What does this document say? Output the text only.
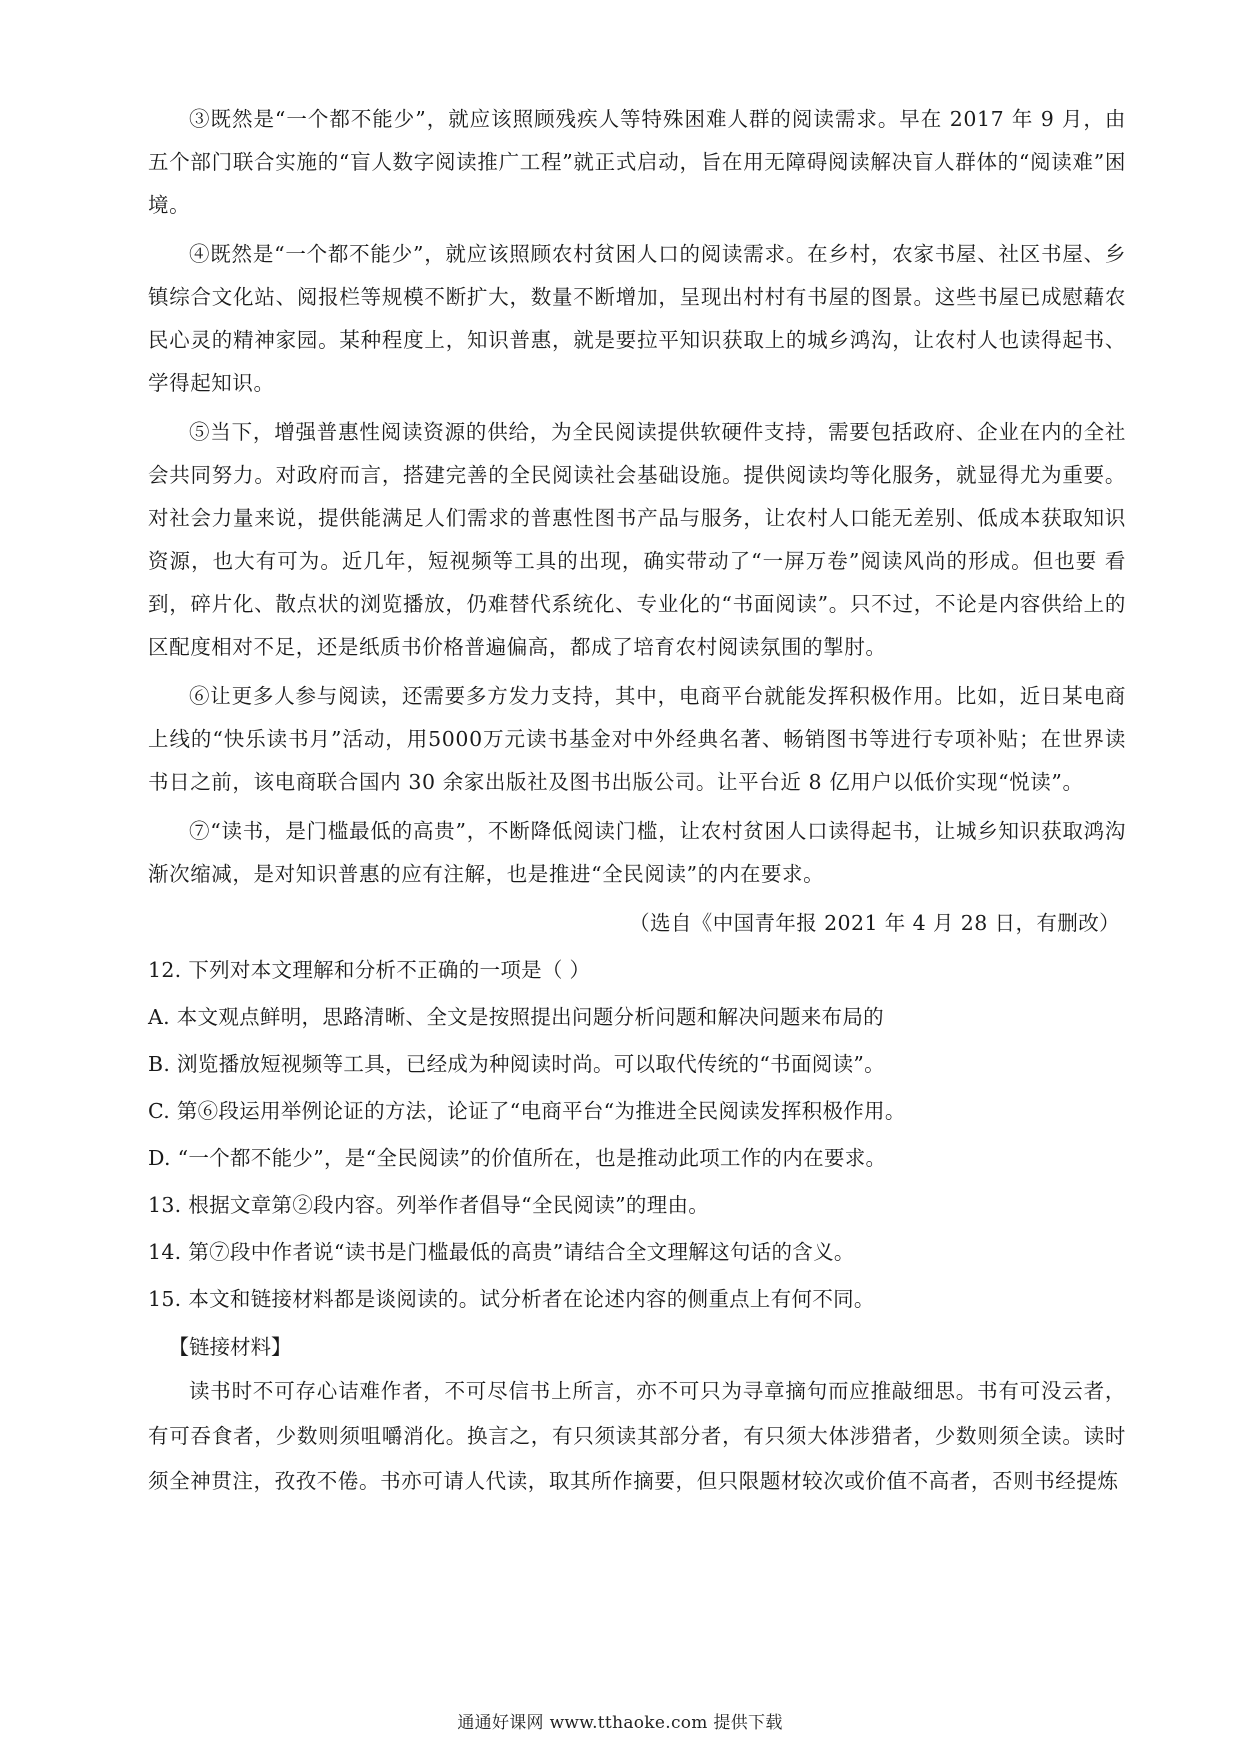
③既然是“一个都不能少”，就应该照顾残疾人等特殊困难人群的阅读需求。早在 2017 年 9 月，由五个部门联合实施的“盲人数字阅读推广工程”就正式启动，旨在用无障碍阅读解决盲人群体的“阅读难”困境。

④既然是“一个都不能少”，就应该照顾农村贫困人口的阅读需求。在乡村，农家书屋、社区书屋、乡镇综合文化站、阅报栏等规模不断扩大，数量不断增加，呈现出村村有书屋的图景。这些书屋已成慰藉农民心灵的精神家园。某种程度上，知识普惠，就是要拉平知识获取上的城乡鸿沟，让农村人也读得起书、学得起知识。

⑤当下，增强普惠性阅读资源的供给，为全民阅读提供软硬件支持，需要包括政府、企业在内的全社会共同努力。对政府而言，搭建完善的全民阅读社会基础设施。提供阅读均等化服务，就显得尤为重要。对社会力量来说，提供能满足人们需求的普惠性图书产品与服务，让农村人口能无差别、低成本获取知识资源，也大有可为。近几年，短视频等工具的出现，确实带动了“一屏万卷”阅读风尚的形成。但也要 看到，碎片化、散点状的浏览播放，仍难替代系统化、专业化的“书面阅读”。只不过，不论是内容供给上的区配度相对不足，还是纸质书价格普遍偏高，都成了培育农村阅读氛围的掣肘。

⑥让更多人参与阅读，还需要多方发力支持，其中，电商平台就能发挥积极作用。比如，近日某电商上线的“快乐读书月”活动，用5000万元读书基金对中外经典名著、畅销图书等进行专项补贴；在世界读书日之前，该电商联合国内 30 余家出版社及图书出版公司。让平台近 8 亿用户以低价实现“悦读”。

⑦“读书，是门槛最低的高贵”，不断降低阅读门槛，让农村贫困人口读得起书，让城乡知识获取鸿沟渐次缩减，是对知识普惠的应有注解，也是推进“全民阅读”的内在要求。

（选自《中国青年报 2021 年 4 月 28 日，有删改）

12. 下列对本文理解和分析不正确的一项是（ ）

A. 本文观点鲜明，思路清晰、全文是按照提出问题分析问题和解决问题来布局的

B. 浏览播放短视频等工具，已经成为种阅读时尚。可以取代传统的“书面阅读”。

C. 第⑥段运用举例论证的方法，论证了“电商平台“为推进全民阅读发挥积极作用。

D. “一个都不能少”，是“全民阅读”的价值所在，也是推动此项工作的内在要求。

13. 根据文章第②段内容。列举作者倡导“全民阅读”的理由。

14. 第⑦段中作者说“读书是门槛最低的高贵”请结合全文理解这句话的含义。

15. 本文和链接材料都是谈阅读的。试分析者在论述内容的侧重点上有何不同。

【链接材料】

读书时不可存心诘难作者，不可尽信书上所言，亦不可只为寻章摘句而应推敲细思。书有可没云者，有可吞食者，少数则须咀嚼消化。换言之，有只须读其部分者，有只须大体涉猎者，少数则须全读。读时须全神贯注，孜孜不倦。书亦可请人代读，取其所作摘要，但只限题材较次或价值不高者，否则书经提炼

通通好课网 www.tthaoke.com 提供下载
